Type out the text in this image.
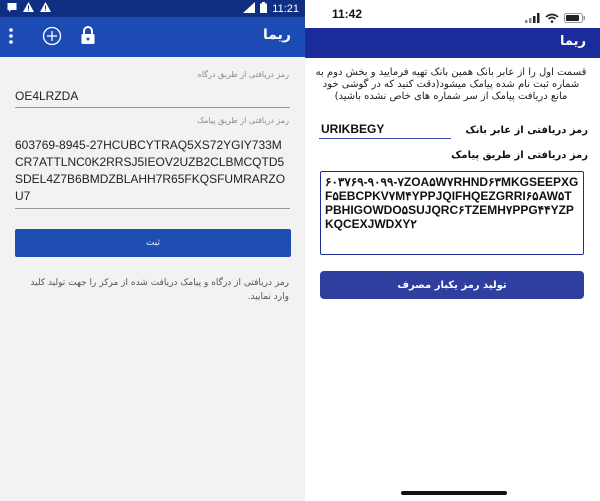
11:21
ریما
رمز دریافتی از طریق درگاه
OE4LRZDA
رمز دریافتی از طریق پیامک
603769-8945-27HCUBCYTRAQ5XS72YGIY733MCR7ATTLNC0K2RRSJ5IEOV2UZB2CLBMCQTD5SDEL4Z7B6BMDZBLAHH7R65FKQSFUMRARZOU7
ثبت

رمز دریافتی از درگاه و پیامک دریافت شده از مرکز را جهت تولید کلید وارد نمایید.

11:42
ریما

قسمت اول را از عابر بانک همین بانک تهیه فرمایید و بخش دوم به شماره ثبت نام شده پیامک میشود(دقت کنید که در گوشی خود مانع دریافت پیامک از سر شماره های خاص نشده باشید)

رمز دریافتی از عابر بانک
URIKBEGY
رمز دریافتی از طریق پیامک
۶۰۳۷۶۹-۹۰۹۹-۷ZOA۵W۷RHND۶۳MKGSEEPXGF۵EBCPKV۷M۴YPPJQIFHQEZGRRI۶۵AW۵TPBHIGOWDO۵SUJQRC۶TZEMH۷PPG۴۴YZPKQCEXJWDXY۲
تولید رمز یکبار مصرف
